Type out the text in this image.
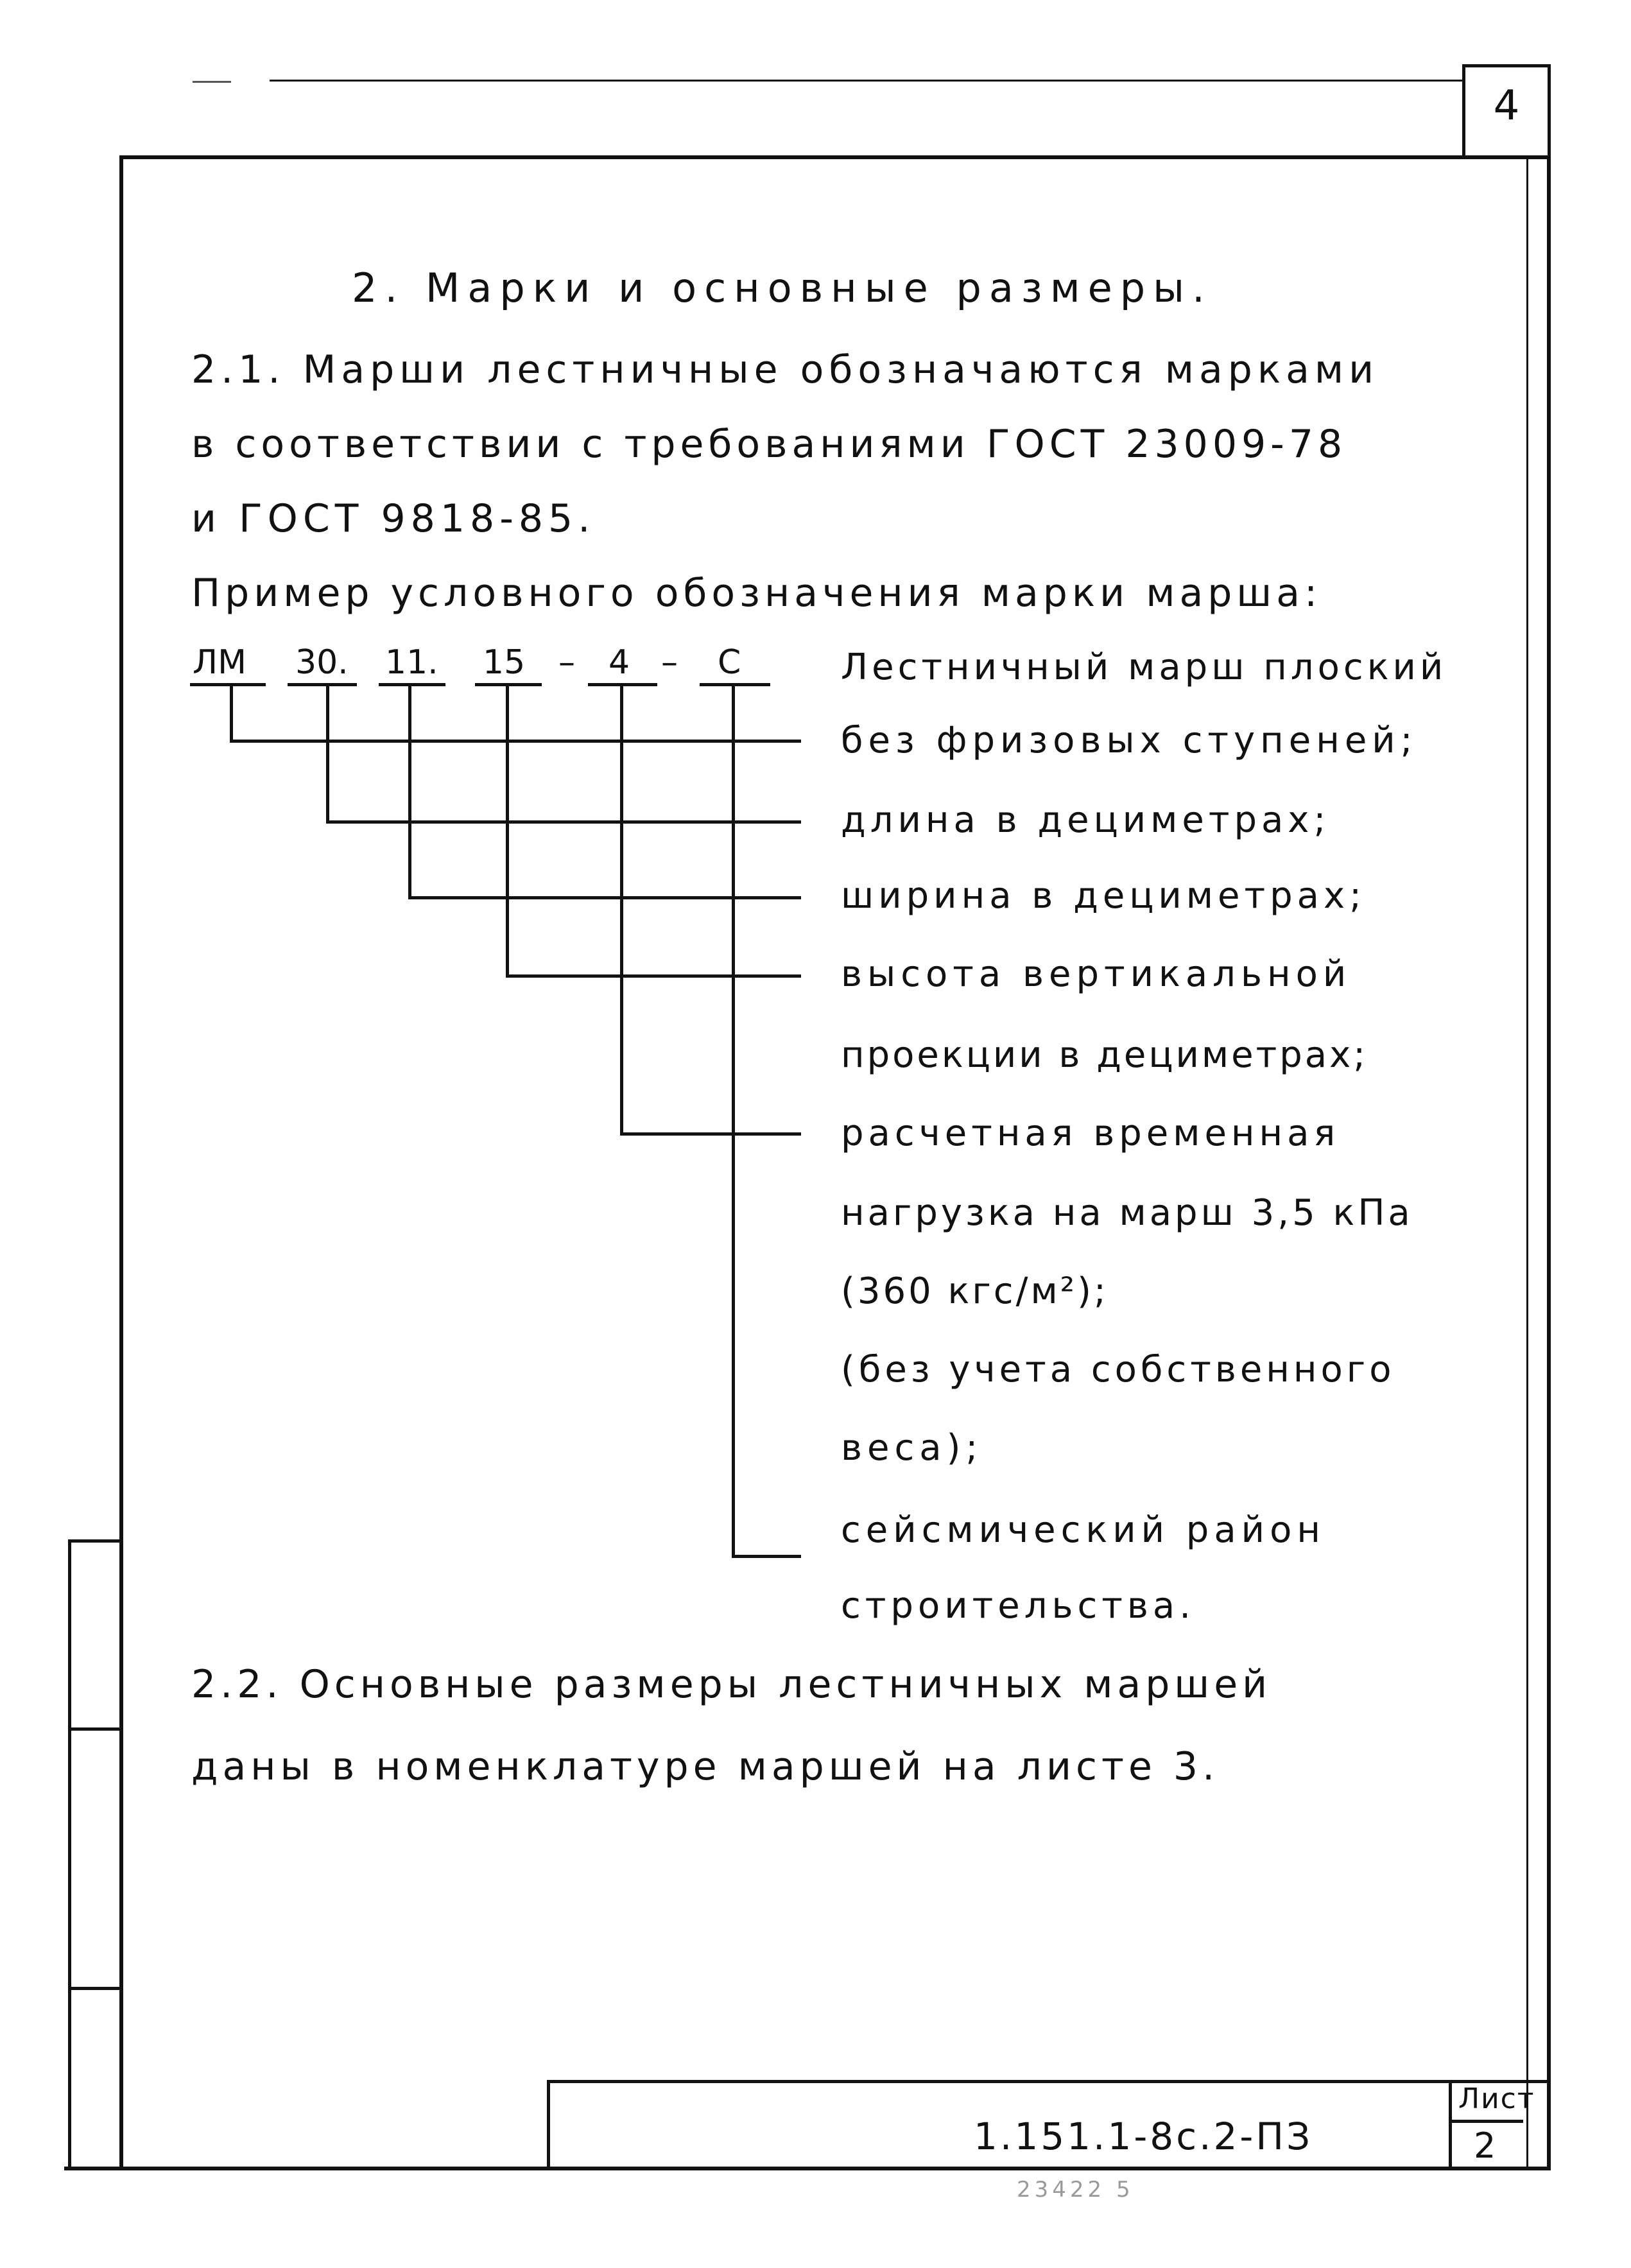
4
2. Марки и основные размеры.
2.1. Марши лестничные обозначаются марками
в соответствии с требованиями ГОСТ 23009-78
и ГОСТ 9818-85.
Пример условного обозначения марки марша:
ЛМ 30. 11. 15 – 4 – С	Лестничный марш плоский
без фризовых ступеней;
длина в дециметрах;
ширина в дециметрах;
высота вертикальной
проекции в дециметрах;
расчетная временная
нагрузка на марш 3,5 кПа
(360 кгс/м²);
(без учета собственного
веса);
сейсмический район
строительства.
2.2. Основные размеры лестничных маршей
даны в номенклатуре маршей на листе 3.
1.151.1-8с.2-ПЗ
Лист
2
23422 5
